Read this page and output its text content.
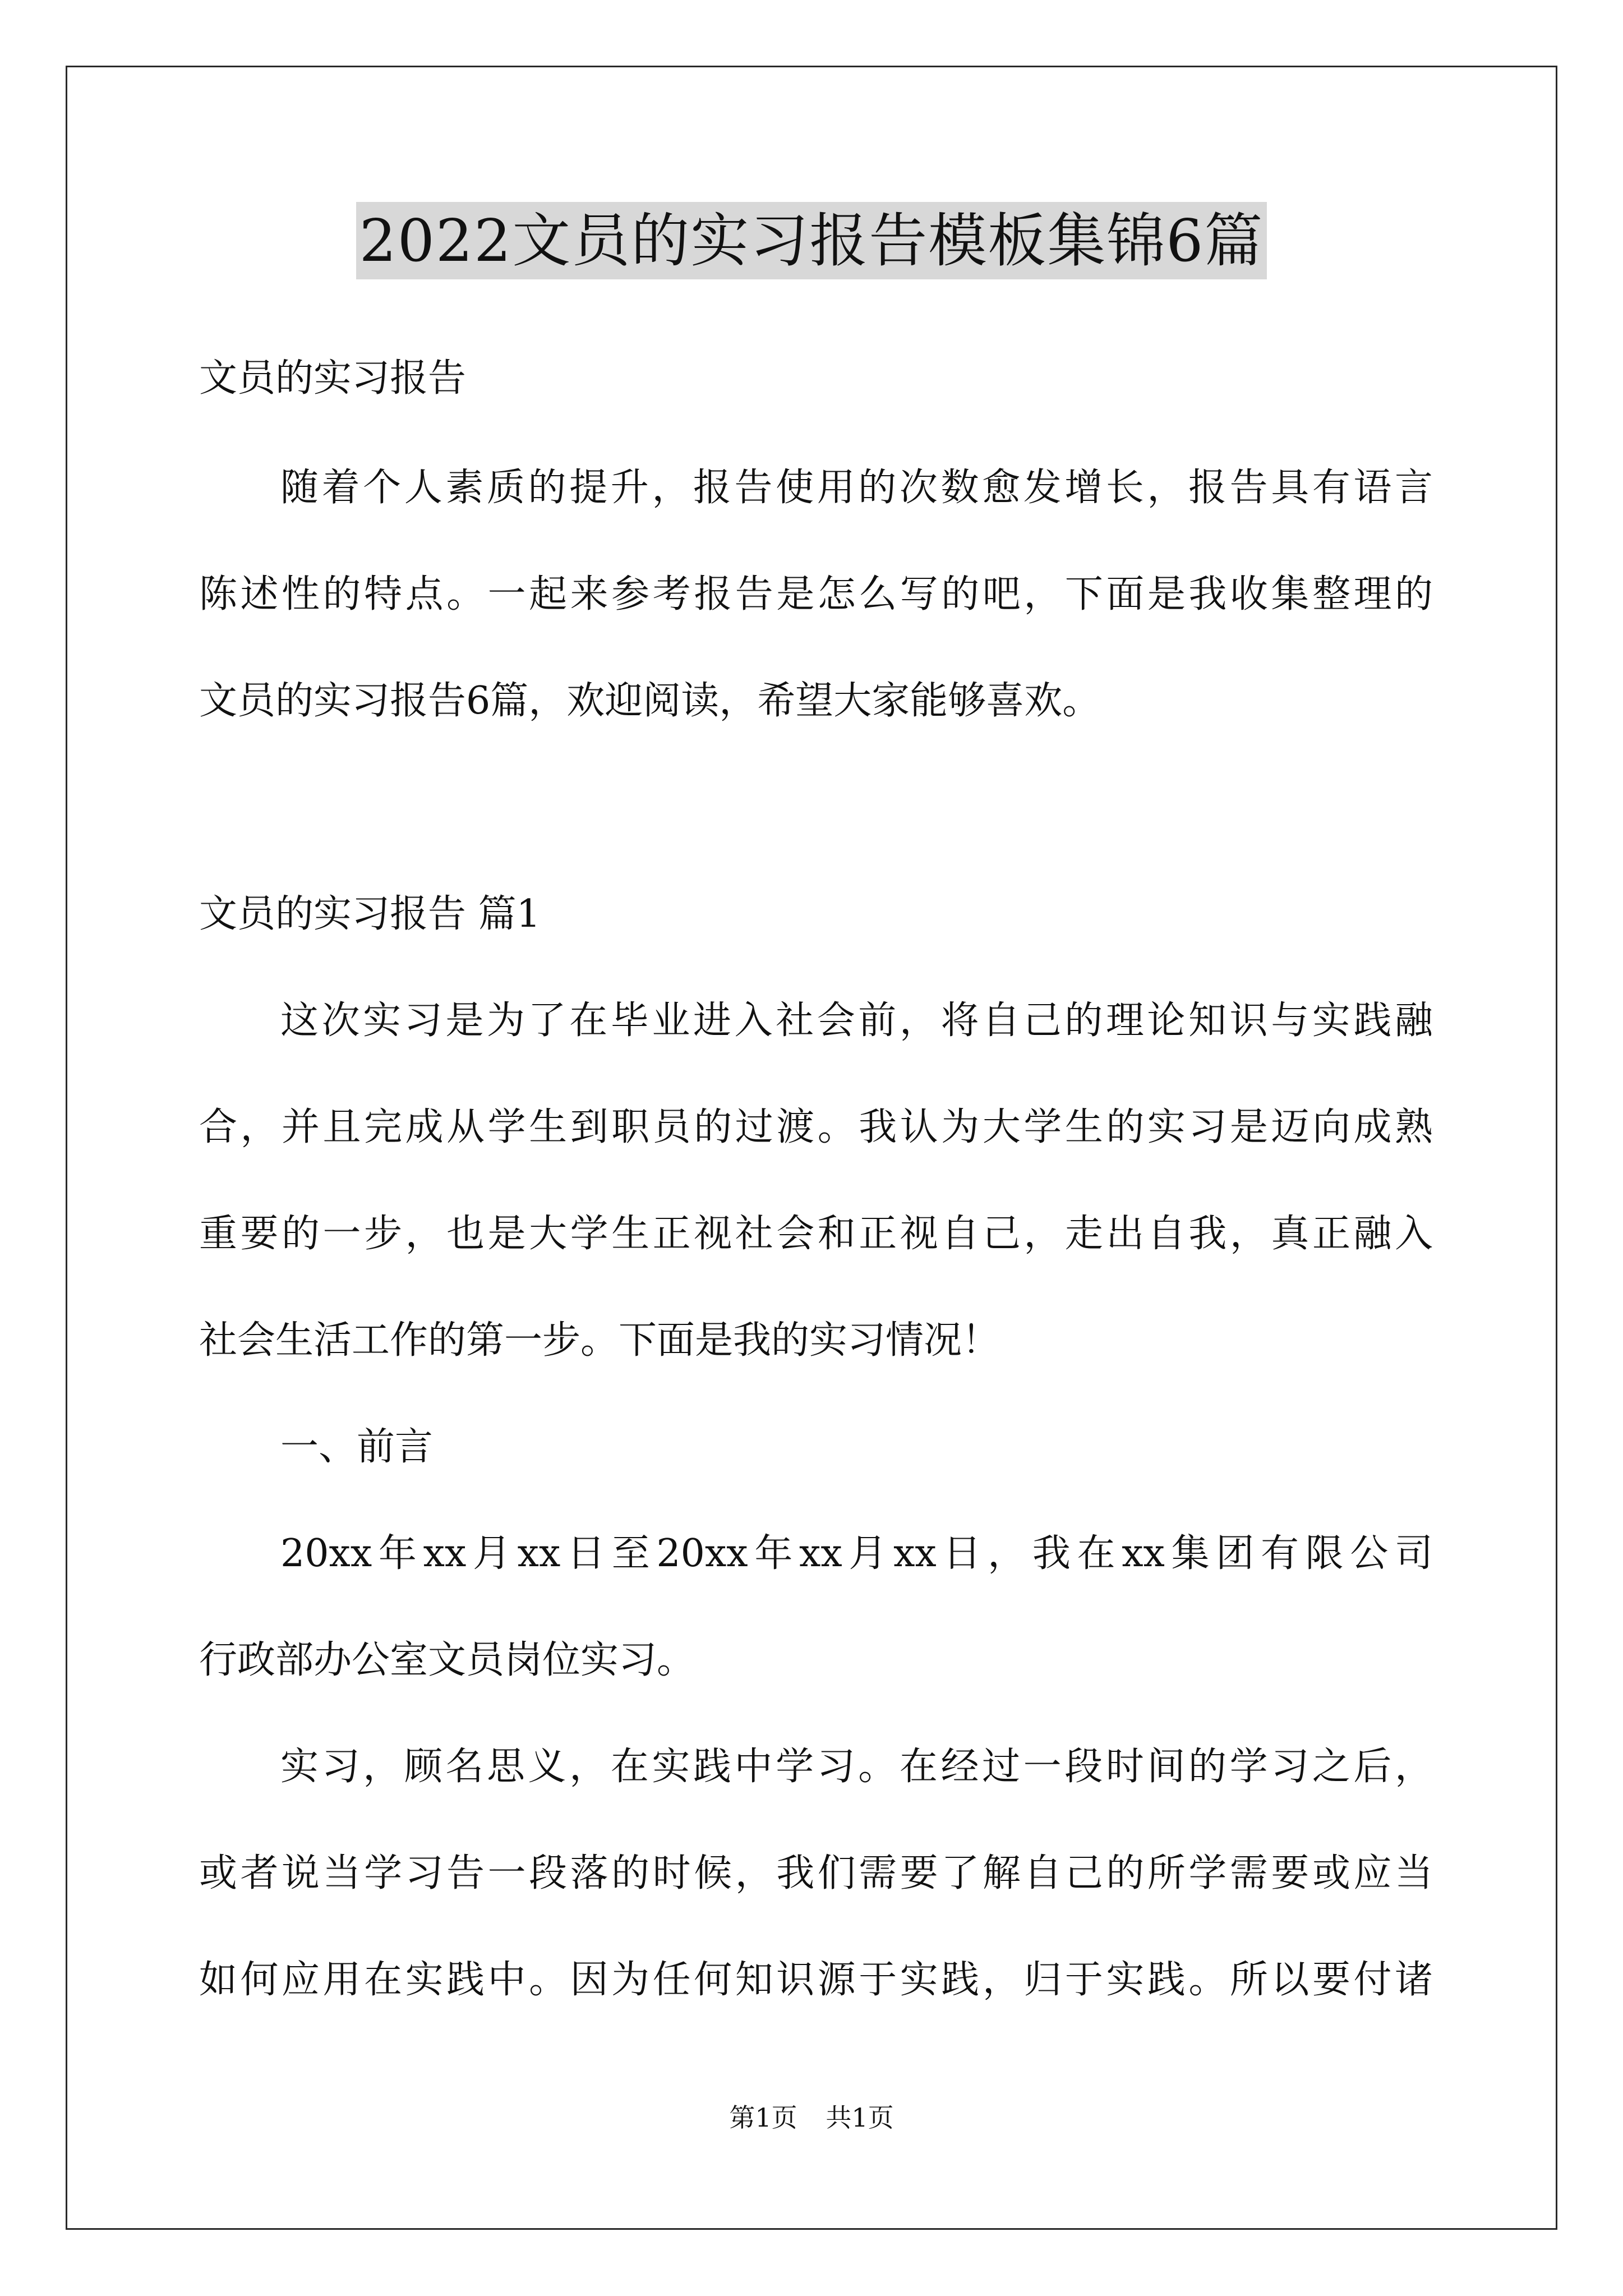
2022文员的实习报告模板集锦6篇
文员的实习报告
随着个人素质的提升，报告使用的次数愈发增长，报告具有语言
陈述性的特点。一起来参考报告是怎么写的吧，下面是我收集整理的
文员的实习报告6篇，欢迎阅读，希望大家能够喜欢。
文员的实习报告 篇1
这次实习是为了在毕业进入社会前，将自己的理论知识与实践融
合，并且完成从学生到职员的过渡。我认为大学生的实习是迈向成熟
重要的一步，也是大学生正视社会和正视自己，走出自我，真正融入
社会生活工作的第一步。下面是我的实习情况！
一、前言
20xx年xx月xx日至20xx年xx月xx日，我在xx集团有限公司
行政部办公室文员岗位实习。
实习，顾名思义，在实践中学习。在经过一段时间的学习之后，
或者说当学习告一段落的时候，我们需要了解自己的所学需要或应当
如何应用在实践中。因为任何知识源于实践，归于实践。所以要付诸
第1页 共1页
